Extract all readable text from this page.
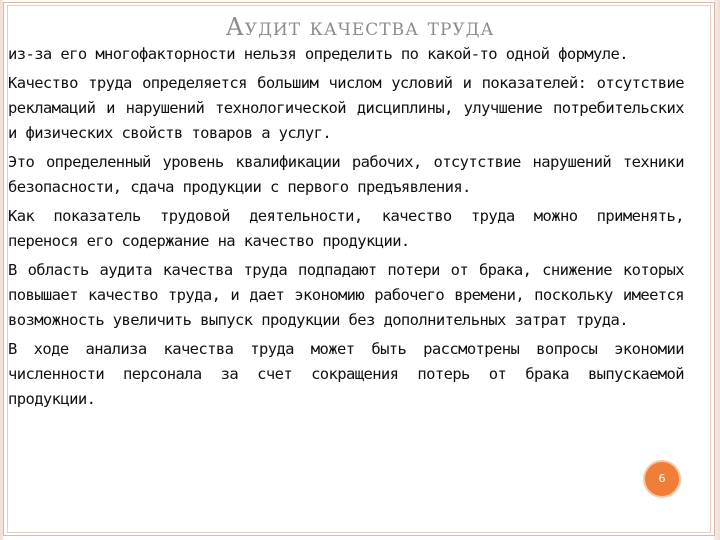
Аудит качества труда

из-за его многофакторности нельзя определить по какой-то одной формуле.

Качество труда определяется большим числом условий и показателей: отсутствие рекламаций и нарушений технологической дисциплины, улучшение потребительских и физических свойств товаров а услуг.

Это определенный уровень квалификации рабочих, отсутствие нарушений техники безопасности, сдача продукции с первого предъявления.

Как показатель трудовой деятельности, качество труда можно применять, перенося его содержание на качество продукции.

В область аудита качества труда подпадают потери от брака, снижение которых повышает качество труда, и дает экономию рабочего времени, поскольку имеется возможность увеличить выпуск продукции без дополнительных затрат труда.

В ходе анализа качества труда может быть рассмотрены вопросы экономии численности персонала за счет сокращения потерь от брака выпускаемой продукции.

6
